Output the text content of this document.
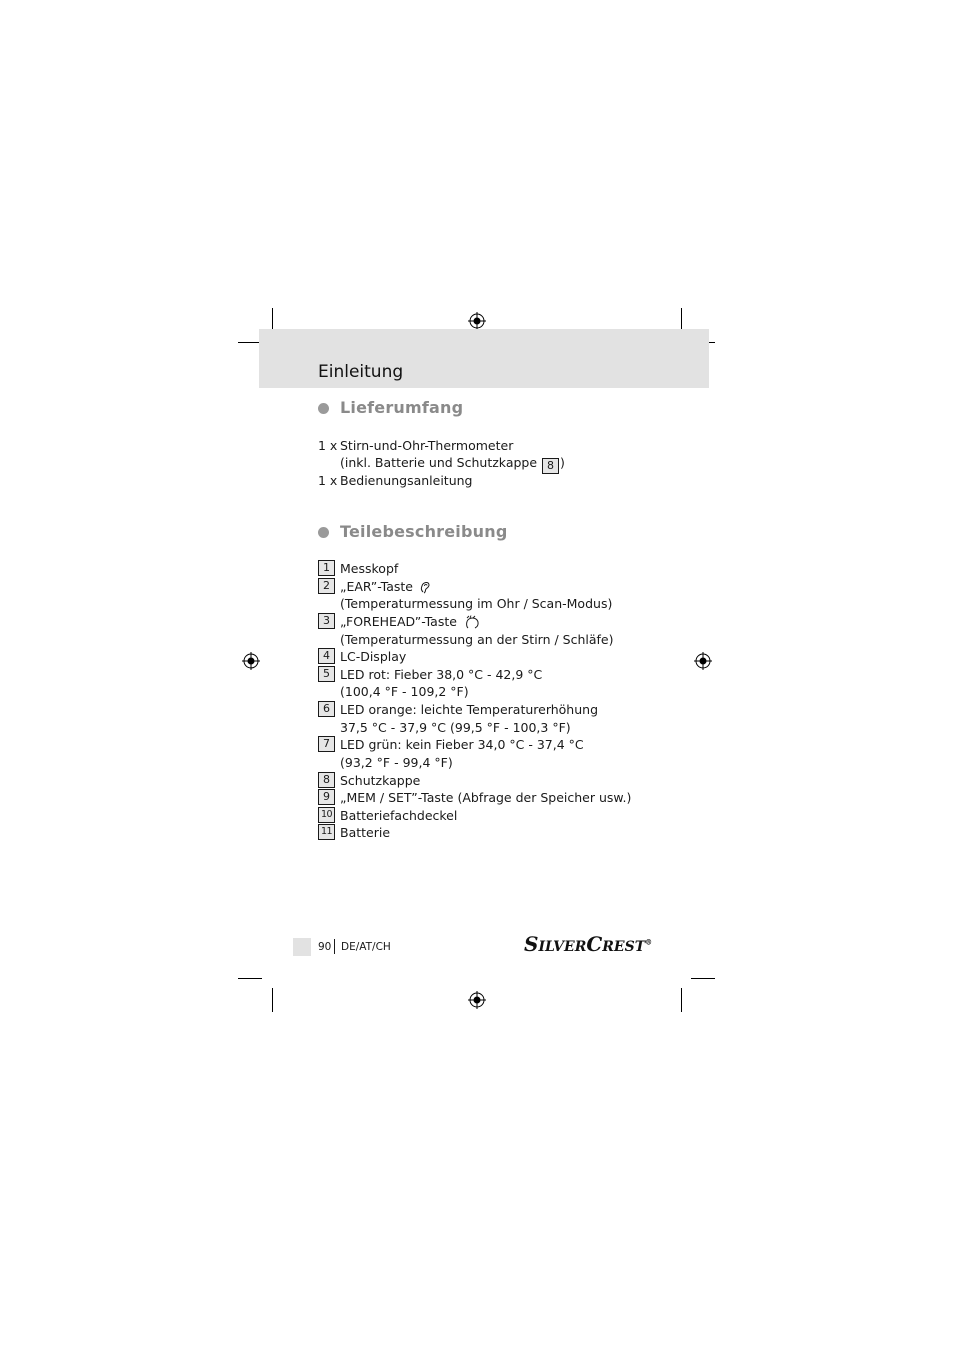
Einleitung
Lieferumfang
1 x Stirn-und-Ohr-Thermometer
(inkl. Batterie und Schutzkappe 8 )
1 x Bedienungsanleitung
Teilebeschreibung
1 Messkopf
2 „EAR”-Taste
(Temperaturmessung im Ohr / Scan-Modus)
3 „FOREHEAD”-Taste
(Temperaturmessung an der Stirn / Schläfe)
4 LC-Display
5 LED rot: Fieber 38,0 °C - 42,9 °C
(100,4 °F - 109,2 °F)
6 LED orange: leichte Temperaturerhöhung
37,5 °C - 37,9 °C (99,5 °F - 100,3 °F)
7 LED grün: kein Fieber 34,0 °C - 37,4 °C
(93,2 °F - 99,4 °F)
8 Schutzkappe
9 „MEM / SET”-Taste (Abfrage der Speicher usw.)
10 Batteriefachdeckel
11 Batterie
90 DE/AT/CH	SILVERCREST®
